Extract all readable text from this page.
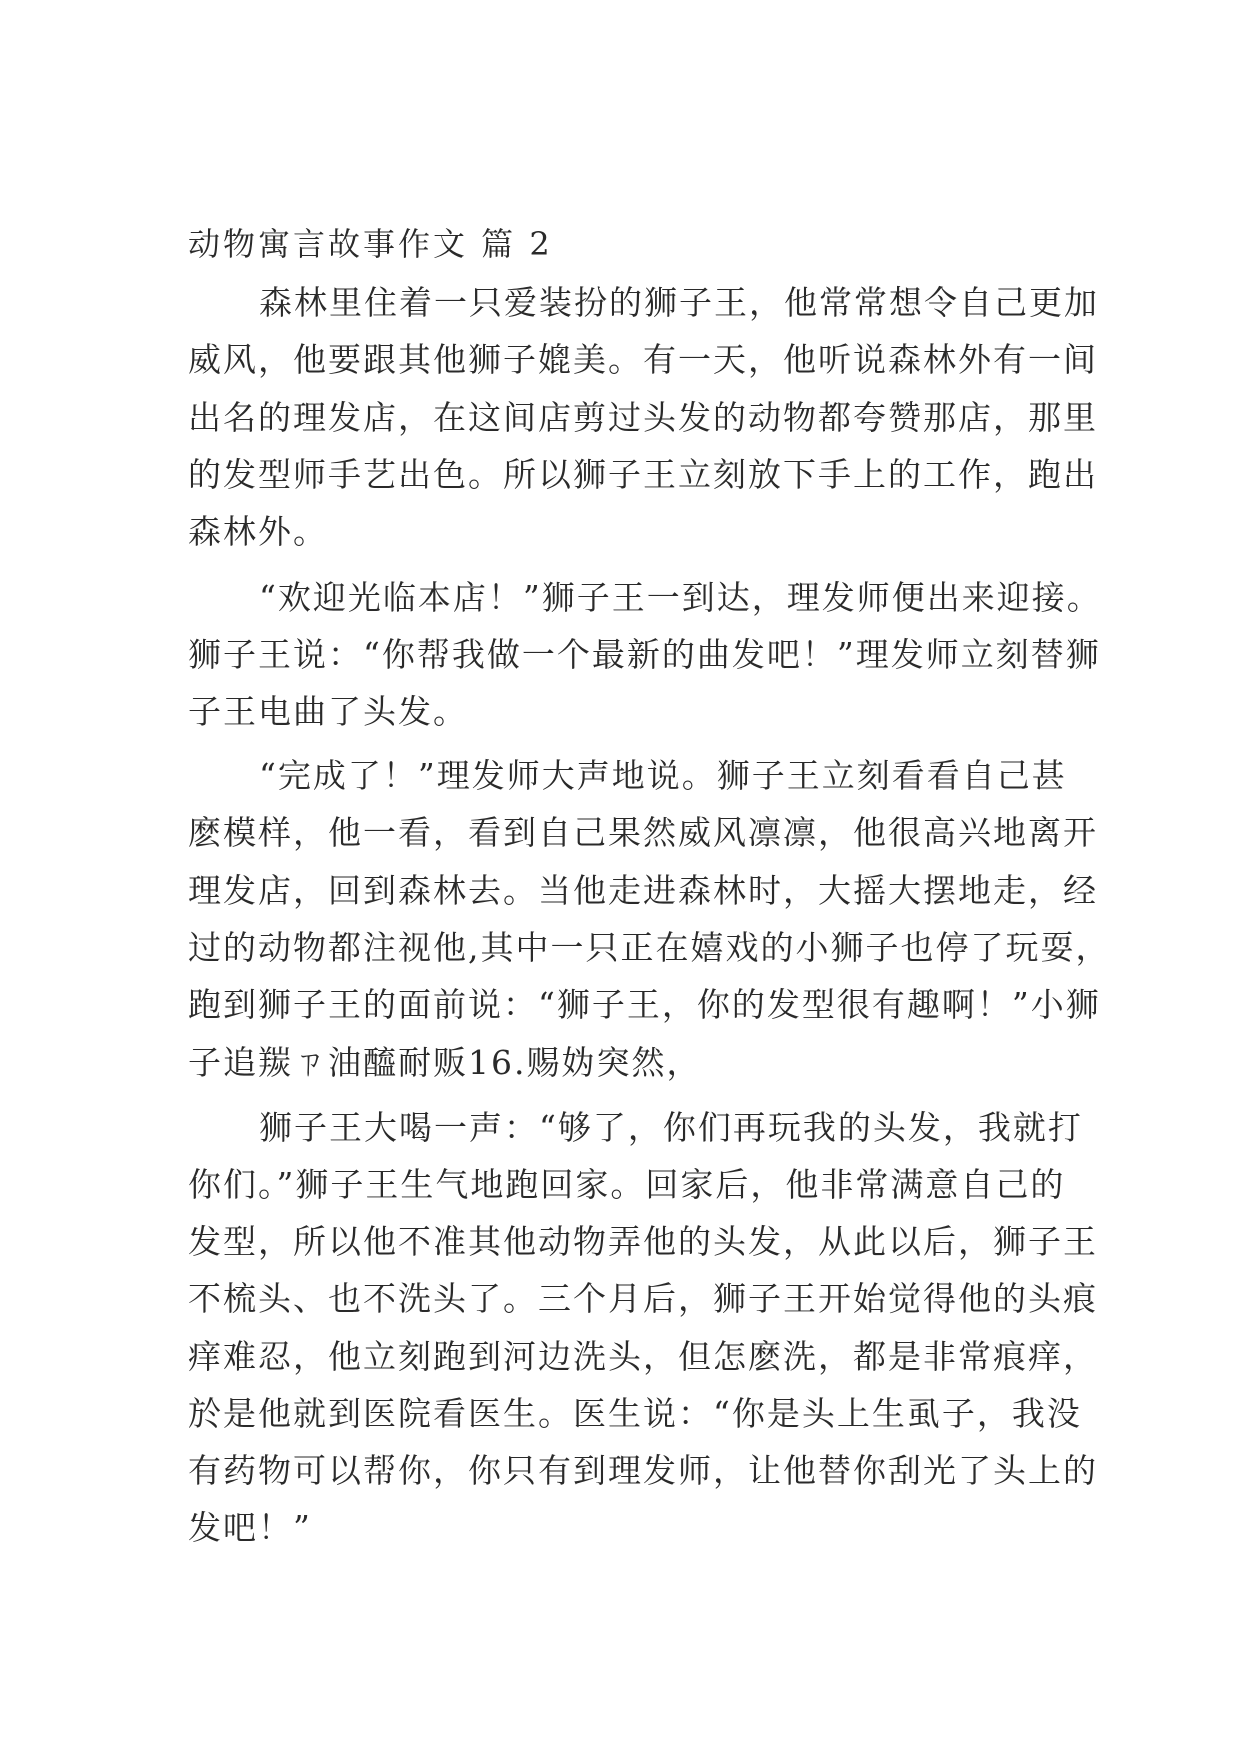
动物寓言故事作文 篇 2
森林里住着一只爱装扮的狮子王，他常常想令自己更加
威风，他要跟其他狮子媲美。有一天，他听说森林外有一间
出名的理发店，在这间店剪过头发的动物都夸赞那店，那里
的发型师手艺出色。所以狮子王立刻放下手上的工作，跑出
森林外。
“欢迎光临本店！”狮子王一到达，理发师便出来迎接。
狮子王说：“你帮我做一个最新的曲发吧！”理发师立刻替狮
子王电曲了头发。
“完成了！”理发师大声地说。狮子王立刻看看自己甚
麽模样，他一看，看到自己果然威风凛凛，他很高兴地离开
理发店，回到森林去。当他走进森林时，大摇大摆地走，经
过的动物都注视他,其中一只正在嬉戏的小狮子也停了玩耍，
跑到狮子王的面前说：“狮子王，你的发型很有趣啊！”小狮
子追羰ㄗ油醯耐贩16.赐妫突然，
狮子王大喝一声：“够了，你们再玩我的头发，我就打
你们。”狮子王生气地跑回家。回家后，他非常满意自己的
发型，所以他不准其他动物弄他的头发，从此以后，狮子王
不梳头、也不洗头了。三个月后，狮子王开始觉得他的头痕
痒难忍，他立刻跑到河边洗头，但怎麽洗，都是非常痕痒，
於是他就到医院看医生。医生说：“你是头上生虱子，我没
有药物可以帮你，你只有到理发师，让他替你刮光了头上的
发吧！”
